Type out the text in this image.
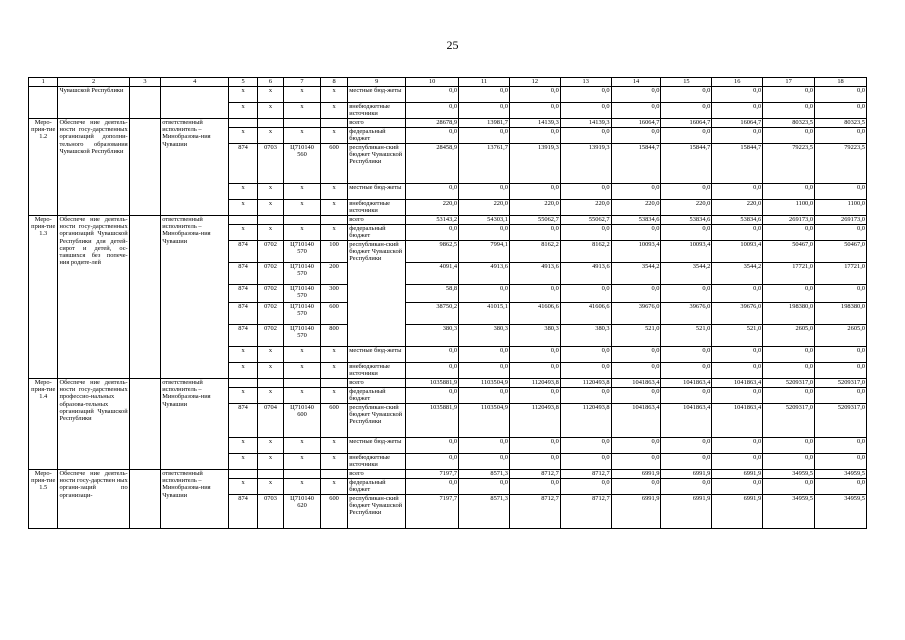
25
1	2	3	4	5	6	7	8	9	10	11	12	13	14	15	16	17	18
	Чувашской Республики			x	x	x	x	местные бюд-жеты	0,0	0,0	0,0	0,0	0,0	0,0	0,0	0,0	0,0
				x	x	x	x	внебюджетные источники	0,0	0,0	0,0	0,0	0,0	0,0	0,0	0,0	0,0
Меро-прия-тие 1.2	Обеспече ние деятель-ности госу-дарственных организаций дополни-тельного образования Чувашской Республики		ответственный исполнитель – Минобразова-ния Чувашии					всего	28678,9	13981,7	14139,3	14139,3	16064,7	16064,7	16064,7	80323,5	80323,5
				x	x	x	x	федеральный бюджет	0,0	0,0	0,0	0,0	0,0	0,0	0,0	0,0	0,0
				874	0703	Ц710140 560	600	республикан-ский бюджет Чувашской Республики	28458,9	13761,7	13919,3	13919,3	15844,7	15844,7	15844,7	79223,5	79223,5
				x	x	x	x	местные бюд-жеты	0,0	0,0	0,0	0,0	0,0	0,0	0,0	0,0	0,0
				x	x	x	x	внебюджетные источники	220,0	220,0	220,0	220,0	220,0	220,0	220,0	1100,0	1100,0
Меро-прия-тие 1.3	Обеспече ние деятель-ности госу-дарственных организаций Чувашской Республики для детей-сирот и детей, ос-тавшихся без попече-ния родите-лей		ответственный исполнитель – Минобразова-ния Чувашии					всего	53143,2	54303,1	55062,7	55062,7	53834,6	53834,6	53834,6	269173,0	269173,0
				x	x	x	x	федеральный бюджет	0,0	0,0	0,0	0,0	0,0	0,0	0,0	0,0	0,0
				874	0702	Ц710140 570	100	республикан-ский бюджет Чувашской Республики	9862,5	7994,1	8162,2	8162,2	10093,4	10093,4	10093,4	50467,0	50467,0
				874	0702	Ц710140 570	200		4091,4	4913,6	4913,6	4913,6	3544,2	3544,2	3544,2	17721,0	17721,0
				874	0702	Ц710140 570	300		58,8	0,0	0,0	0,0	0,0	0,0	0,0	0,0	0,0
				874	0702	Ц710140 570	600		38750,2	41015,1	41606,6	41606,6	39676,0	39676,0	39676,0	198380,0	198380,0
				874	0702	Ц710140 570	800		380,3	380,3	380,3	380,3	521,0	521,0	521,0	2605,0	2605,0
				x	x	x	x	местные бюд-жеты	0,0	0,0	0,0	0,0	0,0	0,0	0,0	0,0	0,0
				x	x	x	x	внебюджетные источники	0,0	0,0	0,0	0,0	0,0	0,0	0,0	0,0	0,0
Меро-прия-тие 1.4	Обеспече ние деятель-ности госу-дарственных профессио-нальных образова-тельных организаций Чувашской Республики		ответственный исполнитель – Минобразова-ния Чувашии					всего	1035881,9	1103504,9	1120493,8	1120493,8	1041863,4	1041863,4	1041863,4	5209317,0	5209317,0
				x	x	x	x	федеральный бюджет	0,0	0,0	0,0	0,0	0,0	0,0	0,0	0,0	0,0
				874	0704	Ц710140 600	600	республикан-ский бюджет Чувашской Республики	1035881,9	1103504,9	1120493,8	1120493,8	1041863,4	1041863,4	1041863,4	5209317,0	5209317,0
				x	x	x	x	местные бюд-жеты	0,0	0,0	0,0	0,0	0,0	0,0	0,0	0,0	0,0
				x	x	x	x	внебюджетные источники	0,0	0,0	0,0	0,0	0,0	0,0	0,0	0,0	0,0
Меро-прия-тие 1.5	Обеспече ние деятель-ности госу-дарствен ных органи-заций по организаци-		ответственный исполнитель – Минобразова-ния Чувашии					всего	7197,7	8571,3	8712,7	8712,7	6991,9	6991,9	6991,9	34959,5	34959,5
				x	x	x	x	федеральный бюджет	0,0	0,0	0,0	0,0	0,0	0,0	0,0	0,0	0,0
				874	0703	Ц710140 620	600	республикан-ский бюджет Чувашской Республики	7197,7	8571,3	8712,7	8712,7	6991,9	6991,9	6991,9	34959,5	34959,5
